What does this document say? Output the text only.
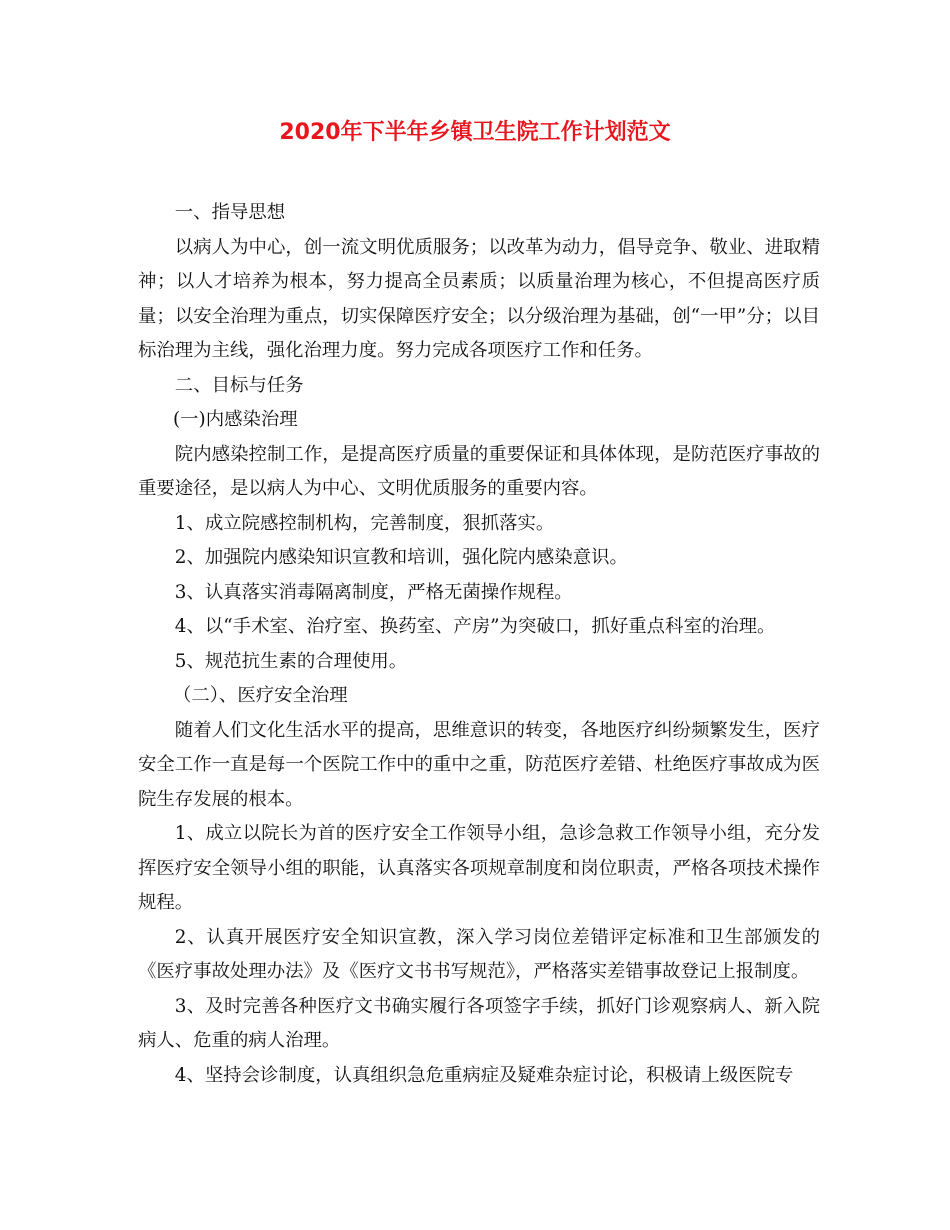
2020年下半年乡镇卫生院工作计划范文

一、指导思想

以病人为中心，创一流文明优质服务；以改革为动力，倡导竞争、敬业、进取精神；以人才培养为根本，努力提高全员素质；以质量治理为核心，不但提高医疗质量；以安全治理为重点，切实保障医疗安全；以分级治理为基础，创“一甲”分；以目标治理为主线，强化治理力度。努力完成各项医疗工作和任务。

二、目标与任务

(一)内感染治理

院内感染控制工作，是提高医疗质量的重要保证和具体体现，是防范医疗事故的重要途径，是以病人为中心、文明优质服务的重要内容。

1、成立院感控制机构，完善制度，狠抓落实。

2、加强院内感染知识宣教和培训，强化院内感染意识。

3、认真落实消毒隔离制度，严格无菌操作规程。

4、以“手术室、治疗室、换药室、产房”为突破口，抓好重点科室的治理。

5、规范抗生素的合理使用。

（二）、医疗安全治理

随着人们文化生活水平的提高，思维意识的转变，各地医疗纠纷频繁发生，医疗安全工作一直是每一个医院工作中的重中之重，防范医疗差错、杜绝医疗事故成为医院生存发展的根本。

1、成立以院长为首的医疗安全工作领导小组，急诊急救工作领导小组，充分发挥医疗安全领导小组的职能，认真落实各项规章制度和岗位职责，严格各项技术操作规程。

2、认真开展医疗安全知识宣教，深入学习岗位差错评定标准和卫生部颁发的《医疗事故处理办法》及《医疗文书书写规范》，严格落实差错事故登记上报制度。

3、及时完善各种医疗文书确实履行各项签字手续，抓好门诊观察病人、新入院病人、危重的病人治理。

4、坚持会诊制度，认真组织急危重病症及疑难杂症讨论，积极请上级医院专
